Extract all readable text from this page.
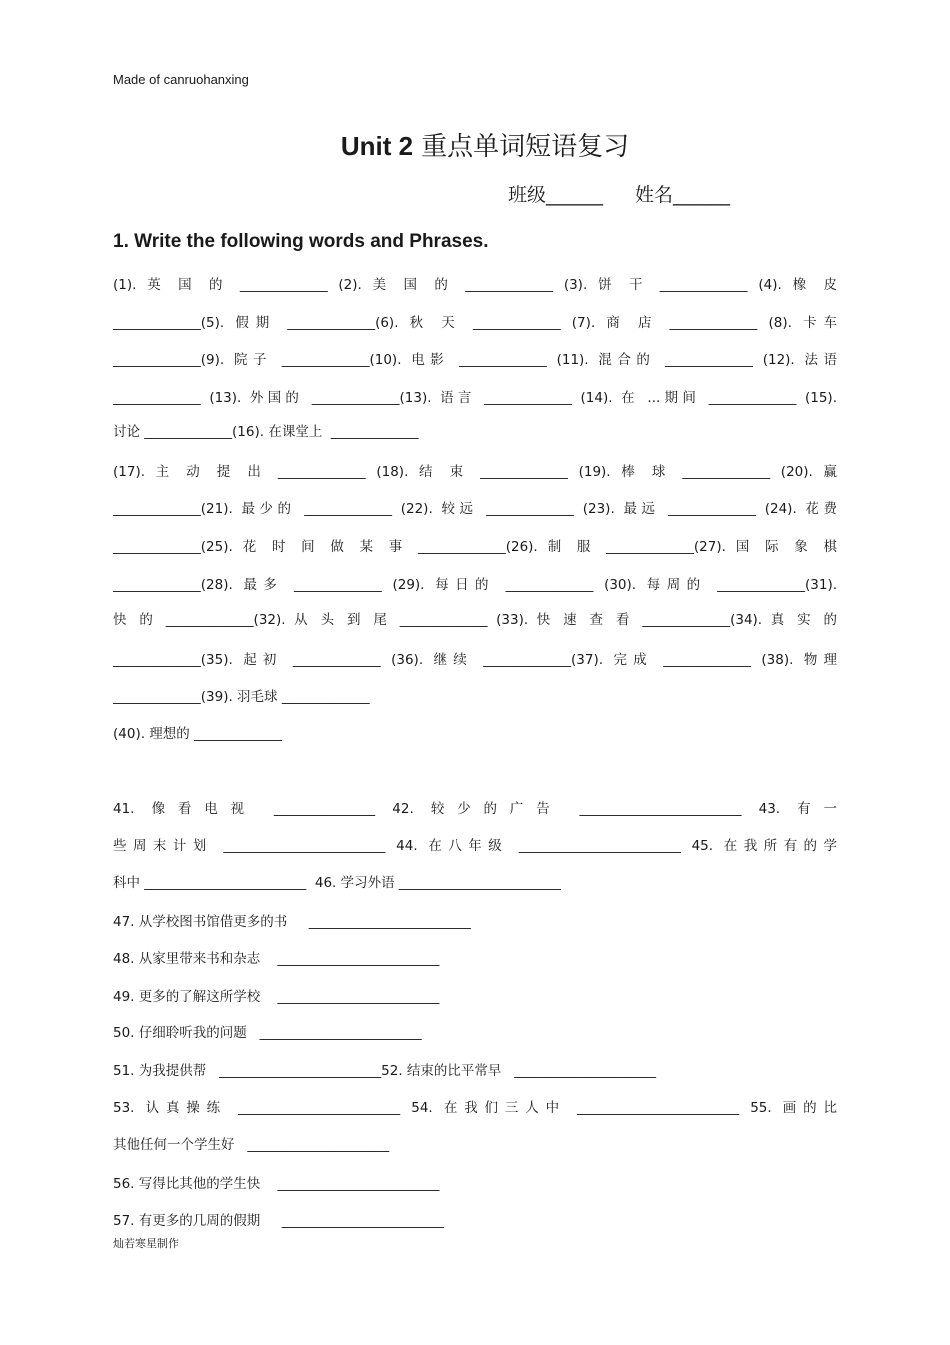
Made of canruohanxing
Unit 2 重点单词短语复习
班级______ 姓名______
1. Write the following words and Phrases.
(1). 英 国 的 _____________ (2). 美 国 的 _____________ (3). 饼 干 _____________ (4). 橡 皮
_____________(5). 假期 _____________(6). 秋 天 _____________ (7). 商 店 _____________ (8). 卡车
_____________(9). 院子 _____________(10). 电影 _____________ (11). 混合的 _____________ (12). 法语
_____________ (13). 外国的 _____________(13). 语言 _____________ (14). 在 ...期间 _____________ (15).
讨论 _____________(16). 在课堂上  _____________
(17). 主 动 提 出 _____________ (18). 结 束 _____________ (19). 棒 球 _____________ (20). 赢
_____________(21). 最少的 _____________ (22). 较远 _____________ (23). 最远 _____________ (24). 花费
_____________(25). 花 时 间 做 某 事 _____________(26). 制 服 _____________(27). 国 际 象 棋
_____________(28). 最多 _____________ (29). 每日的 _____________ (30). 每周的 _____________(31).
快 的 _____________(32). 从 头 到 尾 _____________ (33). 快 速 查 看 _____________(34). 真 实 的
_____________(35). 起初 _____________ (36). 继续 _____________(37). 完成 _____________ (38). 物理
_____________(39). 羽毛球 _____________
(40). 理想的 _____________
41. 像看电视 _______________ 42. 较少的广告 ________________________ 43. 有一
些周末计划 ________________________ 44. 在八年级 ________________________ 45. 在我所有的学
科中 ________________________  46. 学习外语 ________________________
47. 从学校图书馆借更多的书     ________________________
48. 从家里带来书和杂志    ________________________
49. 更多的了解这所学校    ________________________
50. 仔细聆听我的问题   ________________________
51. 为我提供帮   ________________________52. 结束的比平常早   _____________________
53. 认真操练 ________________________ 54. 在我们三人中 ________________________ 55. 画的比
其他任何一个学生好   _____________________
56. 写得比其他的学生快    ________________________
57. 有更多的几周的假期     ________________________
灿若寒星制作
